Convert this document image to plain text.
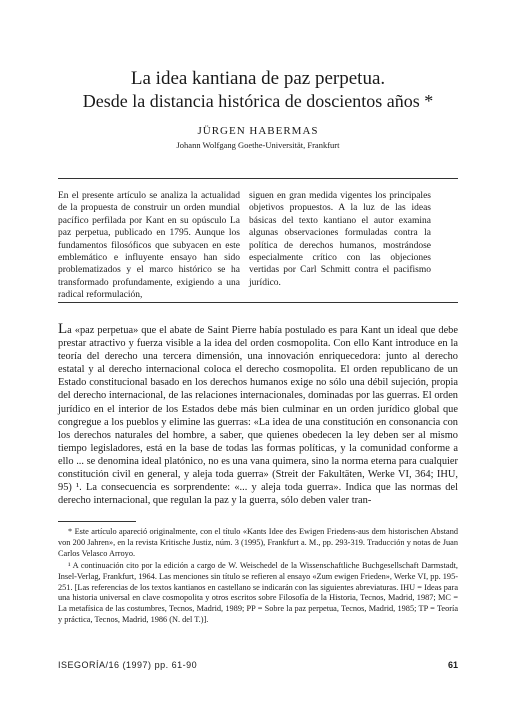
La idea kantiana de paz perpetua.
Desde la distancia histórica de doscientos años *
JÜRGEN HABERMAS
Johann Wolfgang Goethe-Universität, Frankfurt

En el presente artículo se analiza la actualidad de la propuesta de construir un orden mundial pacífico perfilada por Kant en su opúsculo La paz perpetua, publicado en 1795. Aunque los fundamentos filosóficos que subyacen en este emblemático e influyente ensayo han sido problematizados y el marco histórico se ha transformado profundamente, exigiendo a una radical reformulación,

siguen en gran medida vigentes los principales objetivos propuestos. A la luz de las ideas básicas del texto kantiano el autor examina algunas observaciones formuladas contra la política de derechos humanos, mostrándose especialmente crítico con las objeciones vertidas por Carl Schmitt contra el pacifismo jurídico.

La «paz perpetua» que el abate de Saint Pierre había postulado es para Kant un ideal que debe prestar atractivo y fuerza visible a la idea del orden cosmopolita. Con ello Kant introduce en la teoría del derecho una tercera dimensión, una innovación enriquecedora: junto al derecho estatal y al derecho internacional coloca el derecho cosmopolita. El orden republicano de un Estado constitucional basado en los derechos humanos exige no sólo una débil sujeción, propia del derecho internacional, de las relaciones internacionales, dominadas por las guerras. El orden jurídico en el interior de los Estados debe más bien culminar en un orden jurídico global que congregue a los pueblos y elimine las guerras: «La idea de una constitución en consonancia con los derechos naturales del hombre, a saber, que quienes obedecen la ley deben ser al mismo tiempo legisladores, está en la base de todas las formas políticas, y la comunidad conforme a ello ... se denomina ideal platónico, no es una vana quimera, sino la norma eterna para cualquier constitución civil en general, y aleja toda guerra» (Streit der Fakultäten, Werke VI, 364; IHU, 95) ¹. La consecuencia es sorprendente: «... y aleja toda guerra». Indica que las normas del derecho internacional, que regulan la paz y la guerra, sólo deben valer tran-

* Este artículo apareció originalmente, con el título «Kants Idee des Ewigen Friedens-aus dem historischen Abstand von 200 Jahren», en la revista Kritische Justiz, núm. 3 (1995), Frankfurt a. M., pp. 293-319. Traducción y notas de Juan Carlos Velasco Arroyo.

¹ A continuación cito por la edición a cargo de W. Weischedel de la Wissenschaftliche Buchgesellschaft Darmstadt, Insel-Verlag, Frankfurt, 1964. Las menciones sin título se refieren al ensayo «Zum ewigen Frieden», Werke VI, pp. 195-251. [Las referencias de los textos kantianos en castellano se indicarán con las siguientes abreviaturas. IHU = Ideas para una historia universal en clave cosmopolita y otros escritos sobre Filosofía de la Historia, Tecnos, Madrid, 1987; MC = La metafísica de las costumbres, Tecnos, Madrid, 1989; PP = Sobre la paz perpetua, Tecnos, Madrid, 1985; TP = Teoría y práctica, Tecnos, Madrid, 1986 (N. del T.)].

ISEGORÍA/16 (1997) pp. 61-90	61
